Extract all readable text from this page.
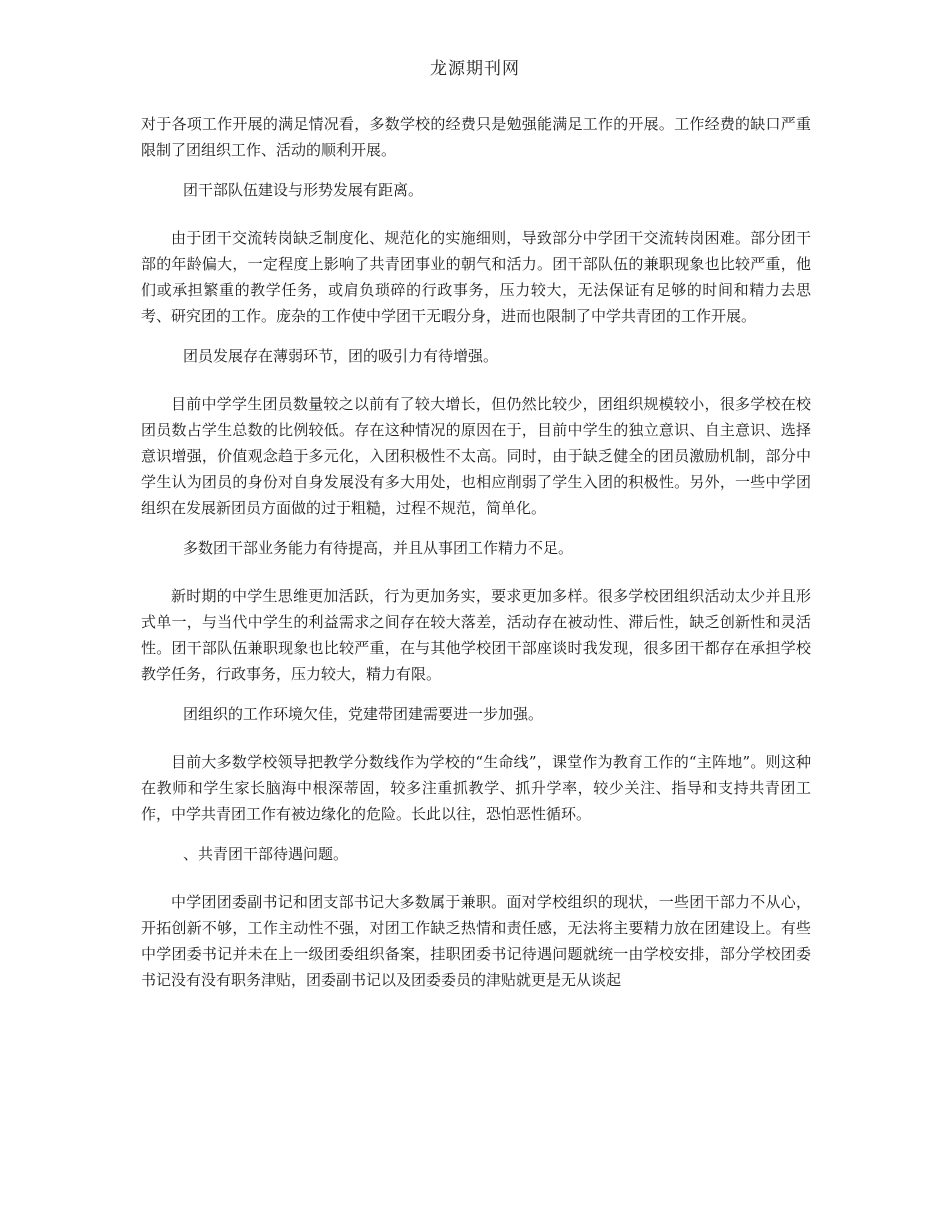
龙源期刊网

对于各项工作开展的满足情况看，多数学校的经费只是勉强能满足工作的开展。工作经费的缺口严重限制了团组织工作、活动的顺利开展。

团干部队伍建设与形势发展有距离。

由于团干交流转岗缺乏制度化、规范化的实施细则，导致部分中学团干交流转岗困难。部分团干部的年龄偏大，一定程度上影响了共青团事业的朝气和活力。团干部队伍的兼职现象也比较严重，他们或承担繁重的教学任务，或肩负琐碎的行政事务，压力较大，无法保证有足够的时间和精力去思考、研究团的工作。庞杂的工作使中学团干无暇分身，进而也限制了中学共青团的工作开展。

团员发展存在薄弱环节，团的吸引力有待增强。

目前中学学生团员数量较之以前有了较大增长，但仍然比较少，团组织规模较小，很多学校在校团员数占学生总数的比例较低。存在这种情况的原因在于，目前中学生的独立意识、自主意识、选择意识增强，价值观念趋于多元化，入团积极性不太高。同时，由于缺乏健全的团员激励机制，部分中学生认为团员的身份对自身发展没有多大用处，也相应削弱了学生入团的积极性。另外，一些中学团组织在发展新团员方面做的过于粗糙，过程不规范，简单化。

多数团干部业务能力有待提高，并且从事团工作精力不足。

新时期的中学生思维更加活跃，行为更加务实，要求更加多样。很多学校团组织活动太少并且形式单一，与当代中学生的利益需求之间存在较大落差，活动存在被动性、滞后性，缺乏创新性和灵活性。团干部队伍兼职现象也比较严重，在与其他学校团干部座谈时我发现，很多团干都存在承担学校教学任务，行政事务，压力较大，精力有限。

团组织的工作环境欠佳，党建带团建需要进一步加强。

目前大多数学校领导把教学分数线作为学校的“生命线”，课堂作为教育工作的“主阵地”。则这种在教师和学生家长脑海中根深蒂固，较多注重抓教学、抓升学率，较少关注、指导和支持共青团工作，中学共青团工作有被边缘化的危险。长此以往，恐怕恶性循环。

、共青团干部待遇问题。

中学团团委副书记和团支部书记大多数属于兼职。面对学校组织的现状，一些团干部力不从心，开拓创新不够，工作主动性不强，对团工作缺乏热情和责任感，无法将主要精力放在团建设上。有些中学团委书记并未在上一级团委组织备案，挂职团委书记待遇问题就统一由学校安排，部分学校团委书记没有没有职务津贴，团委副书记以及团委委员的津贴就更是无从谈起
